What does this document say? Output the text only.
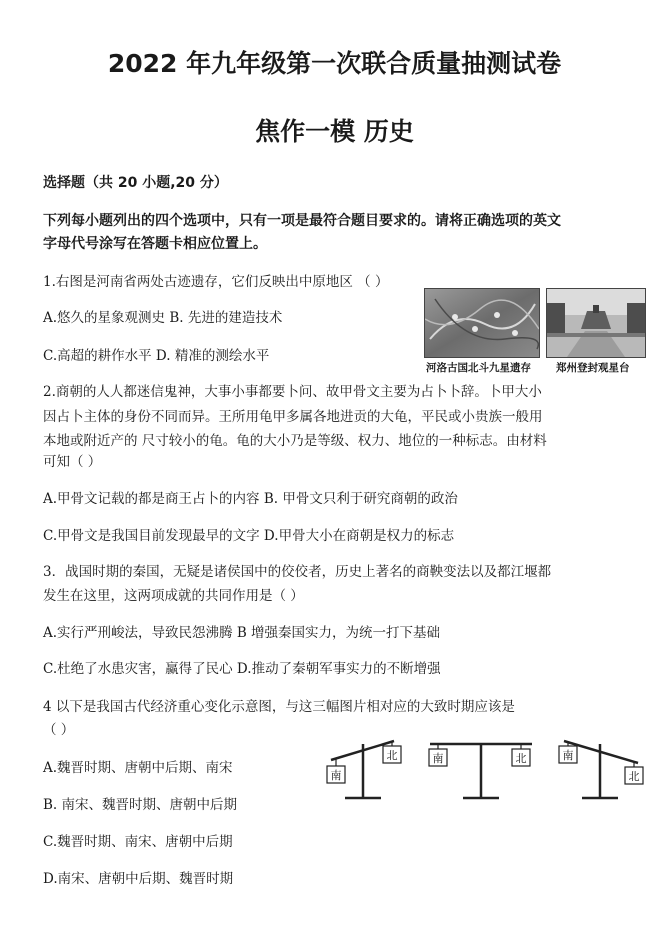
2022 年九年级第一次联合质量抽测试卷
焦作一模 历史
选择题（共 20 小题,20 分）
下列每小题列出的四个选项中，只有一项是最符合题目要求的。请将正确选项的英文
字母代号涂写在答题卡相应位置上。
1.右图是河南省两处古迹遗存，它们反映出中原地区 （ ）
A.悠久的星象观测史 B. 先进的建造技术
C.高超的耕作水平 D. 精准的测绘水平
河洛古国北斗九星遗存 郑州登封观星台
2.商朝的人人都迷信鬼神，大事小事都要卜问、故甲骨文主要为占卜卜辞。卜甲大小
因占卜主体的身份不同而异。王所用龟甲多属各地进贡的大龟，平民或小贵族一般用
本地或附近产的 尺寸较小的龟。龟的大小乃是等级、权力、地位的一种标志。由材料
可知（ ）
A.甲骨文记载的都是商王占卜的内容 B. 甲骨文只利于研究商朝的政治
C.甲骨文是我国目前发现最早的文字 D.甲骨大小在商朝是权力的标志
3．战国时期的秦国，无疑是诸侯国中的佼佼者，历史上著名的商鞅变法以及都江堰都
发生在这里，这两项成就的共同作用是（ ）
A.实行严刑峻法，导致民怨沸腾 B 增强秦国实力，为统一打下基础
C.杜绝了水患灾害，赢得了民心 D.推动了秦朝军事实力的不断增强
4 以下是我国古代经济重心变化示意图，与这三幅图片相对应的大致时期应该是
（ ）
A.魏晋时期、唐朝中后期、南宋
B. 南宋、魏晋时期、唐朝中后期
C.魏晋时期、南宋、唐朝中后期
D.南宋、唐朝中后期、魏晋时期
南
北	南	北	南
北
